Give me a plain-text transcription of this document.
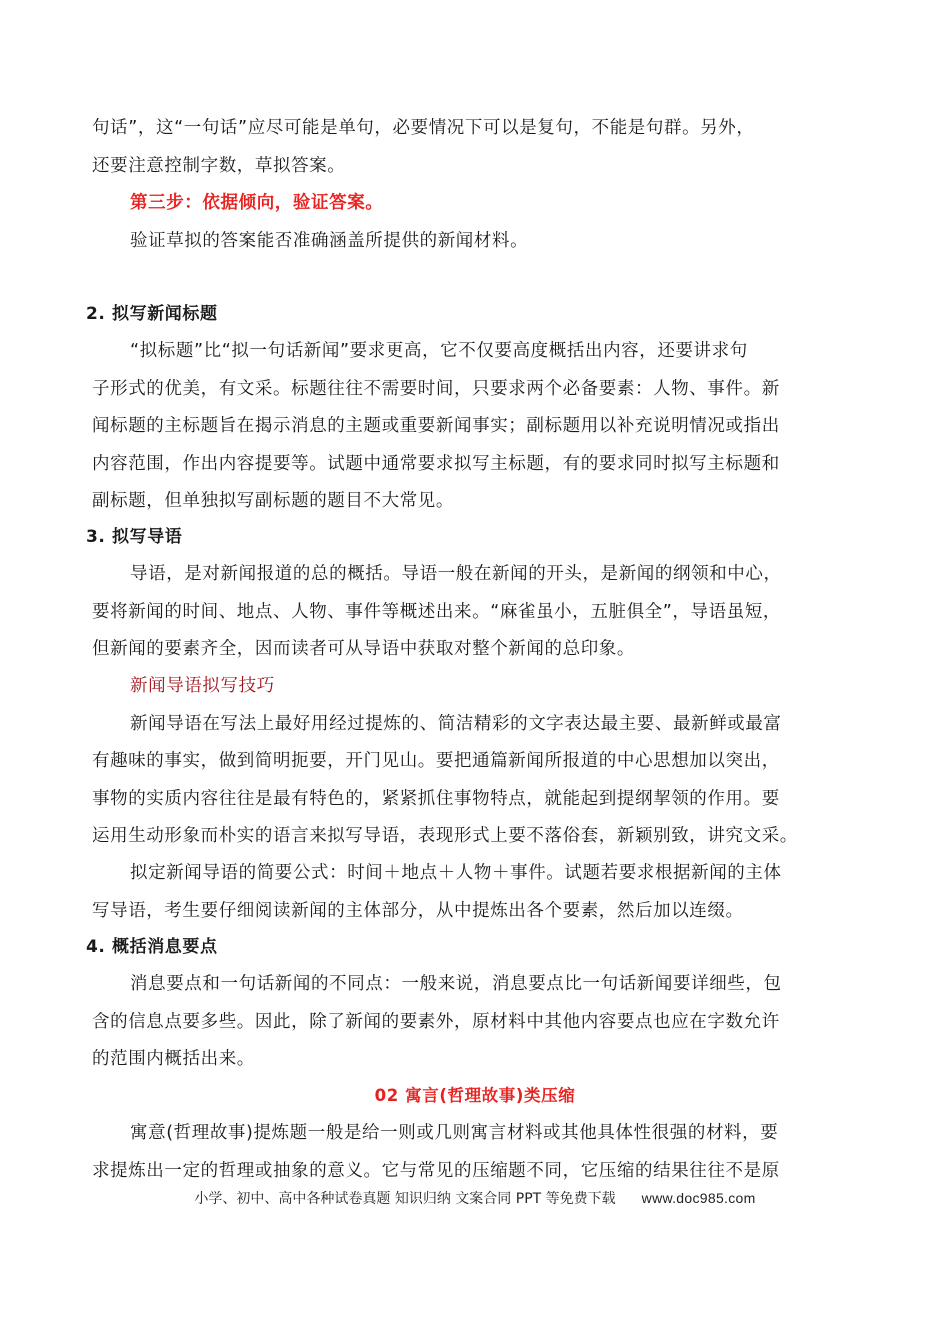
句话”，这“一句话”应尽可能是单句，必要情况下可以是复句，不能是句群。另外，
还要注意控制字数，草拟答案。
第三步：依据倾向，验证答案。
验证草拟的答案能否准确涵盖所提供的新闻材料。
2. 拟写新闻标题
“拟标题”比“拟一句话新闻”要求更高，它不仅要高度概括出内容，还要讲求句
子形式的优美，有文采。标题往往不需要时间，只要求两个必备要素：人物、事件。新
闻标题的主标题旨在揭示消息的主题或重要新闻事实；副标题用以补充说明情况或指出
内容范围，作出内容提要等。试题中通常要求拟写主标题，有的要求同时拟写主标题和
副标题，但单独拟写副标题的题目不大常见。
3. 拟写导语
导语，是对新闻报道的总的概括。导语一般在新闻的开头，是新闻的纲领和中心，
要将新闻的时间、地点、人物、事件等概述出来。“麻雀虽小，五脏俱全”，导语虽短，
但新闻的要素齐全，因而读者可从导语中获取对整个新闻的总印象。
新闻导语拟写技巧
新闻导语在写法上最好用经过提炼的、简洁精彩的文字表达最主要、最新鲜或最富
有趣味的事实，做到简明扼要，开门见山。要把通篇新闻所报道的中心思想加以突出，
事物的实质内容往往是最有特色的，紧紧抓住事物特点，就能起到提纲挈领的作用。要
运用生动形象而朴实的语言来拟写导语，表现形式上要不落俗套，新颖别致，讲究文采。
拟定新闻导语的简要公式：时间＋地点＋人物＋事件。试题若要求根据新闻的主体
写导语，考生要仔细阅读新闻的主体部分，从中提炼出各个要素，然后加以连缀。
4. 概括消息要点
消息要点和一句话新闻的不同点：一般来说，消息要点比一句话新闻要详细些，包
含的信息点要多些。因此，除了新闻的要素外，原材料中其他内容要点也应在字数允许
的范围内概括出来。
02 寓言(哲理故事)类压缩
寓意(哲理故事)提炼题一般是给一则或几则寓言材料或其他具体性很强的材料，要
求提炼出一定的哲理或抽象的意义。它与常见的压缩题不同，它压缩的结果往往不是原
小学、初中、高中各种试卷真题 知识归纳 文案合同 PPT 等免费下载 www.doc985.com
